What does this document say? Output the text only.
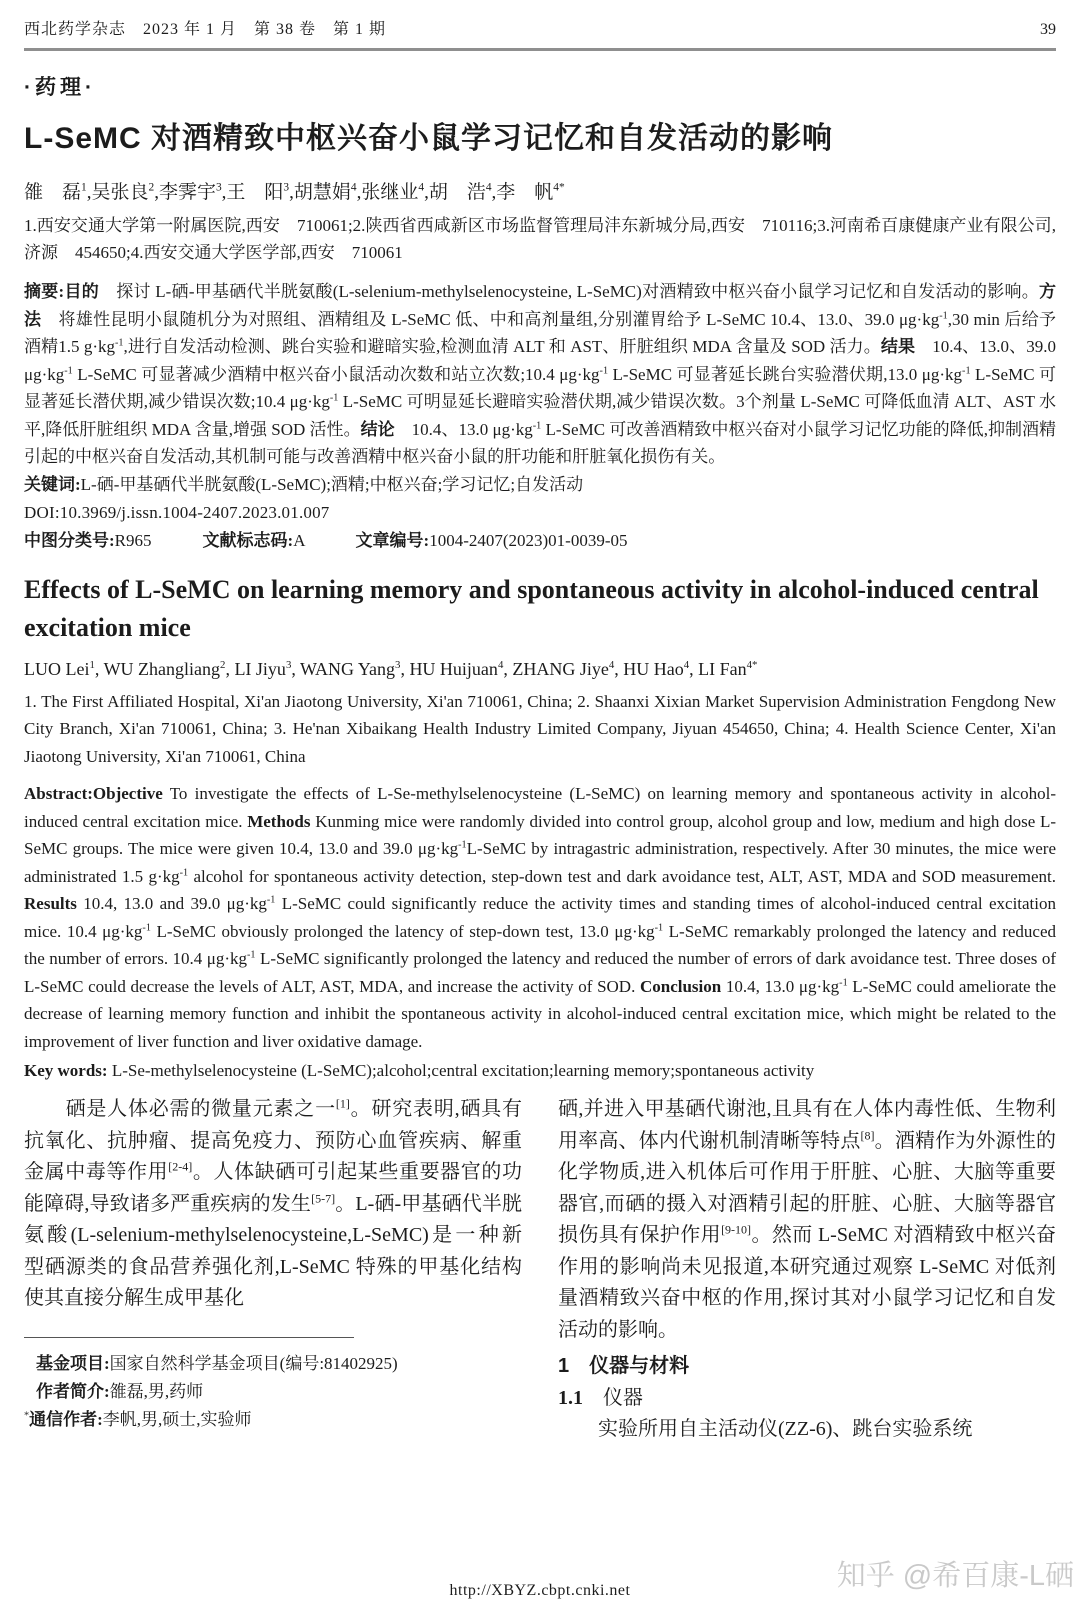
西北药学杂志　2023 年 1 月　第 38 卷　第 1 期	39
·药理·
L-SeMC 对酒精致中枢兴奋小鼠学习记忆和自发活动的影响
雒　磊$^1$,吴张良$^2$,李霁宇$^3$,王　阳$^3$,胡慧娟$^4$,张继业$^4$,胡　浩$^4$,李　帆$^{4*}$
1.西安交通大学第一附属医院,西安　710061;2.陕西省西咸新区市场监督管理局沣东新城分局,西安　710116;3.河南希百康健康产业有限公司,济源　454650;4.西安交通大学医学部,西安　710061

摘要:目的　探讨 L-硒-甲基硒代半胱氨酸(L-selenium-methylselenocysteine, L-SeMC)对酒精致中枢兴奋小鼠学习记忆和自发活动的影响。方法　将雄性昆明小鼠随机分为对照组、酒精组及 L-SeMC 低、中和高剂量组,分别灌胃给予 L-SeMC 10.4、13.0、39.0 $\mu g\cdot kg^{-1},30$ min 后给予酒精1.5 $g\cdot kg^{-1}$,进行自发活动检测、跳台实验和避暗实验,检测血清 ALT 和 AST、肝脏组织 MDA 含量及 SOD 活力。结果　10.4、13.0、39.0 $\mu g\cdot kg^{-1}$ L-SeMC 可显著减少酒精中枢兴奋小鼠活动次数和站立次数;10.4 $\mu g\cdot kg^{-1}$ L-SeMC 可显著延长跳台实验潜伏期,13.0 $\mu g\cdot kg^{-1}$ L-SeMC 可显著延长潜伏期,减少错误次数;10.4 $\mu g\cdot kg^{-1}$ L-SeMC 可明显延长避暗实验潜伏期,减少错误次数。3个剂量 L-SeMC 可降低血清 ALT、AST 水平,降低肝脏组织 MDA 含量,增强 SOD 活性。结论　10.4、13.0 $\mu g\cdot kg^{-1}$ L-SeMC 可改善酒精致中枢兴奋对小鼠学习记忆功能的降低,抑制酒精引起的中枢兴奋自发活动,其机制可能与改善酒精中枢兴奋小鼠的肝功能和肝脏氧化损伤有关。

关键词:L-硒-甲基硒代半胱氨酸(L-SeMC);酒精;中枢兴奋;学习记忆;自发活动

DOI:10.3969/j.issn.1004-2407.2023.01.007

中图分类号:R965　　　	文献标志码:A　　　	文章编号:1004-2407(2023)01-0039-05

Effects of L-SeMC on learning memory and spontaneous activity in alcohol-induced central excitation mice
LUO Lei$^1$, WU Zhangliang$^2$, LI Jiyu$^3$, WANG Yang$^3$, HU Huijuan$^4$, ZHANG Jiye$^4$, HU Hao$^4$, LI Fan$^{4*}$
1. The First Affiliated Hospital, Xi'an Jiaotong University, Xi'an 710061, China; 2. Shaanxi Xixian Market Supervision Administration Fengdong New City Branch, Xi'an 710061, China; 3. He'nan Xibaikang Health Industry Limited Company, Jiyuan 454650, China; 4. Health Science Center, Xi'an Jiaotong University, Xi'an 710061, China

Abstract:Objective To investigate the effects of L-Se-methylselenocysteine (L-SeMC) on learning memory and spontaneous activity in alcohol-induced central excitation mice. Methods Kunming mice were randomly divided into control group, alcohol group and low, medium and high dose L-SeMC groups. The mice were given 10.4, 13.0 and 39.0 $\mu g\cdot kg^{-1}L$-SeMC by intragastric administration, respectively. After 30 minutes, the mice were administrated 1.5 $g\cdot kg^{-1}$ alcohol for spontaneous activity detection, step-down test and dark avoidance test, ALT, AST, MDA and SOD measurement. Results 10.4, 13.0 and 39.0 $\mu g\cdot kg^{-1}$ L-SeMC could significantly reduce the activity times and standing times of alcohol-induced central excitation mice. 10.4 $\mu g\cdot kg^{-1}$ L-SeMC obviously prolonged the latency of step-down test, 13.0 $\mu g\cdot kg^{-1}$ L-SeMC remarkably prolonged the latency and reduced the number of errors. 10.4 $\mu g\cdot kg^{-1}$ L-SeMC significantly prolonged the latency and reduced the number of errors of dark avoidance test. Three doses of L-SeMC could decrease the levels of ALT, AST, MDA, and increase the activity of SOD. Conclusion 10.4, 13.0 $\mu g\cdot kg^{-1}$ L-SeMC could ameliorate the decrease of learning memory function and inhibit the spontaneous activity in alcohol-induced central excitation mice, which might be related to the improvement of liver function and liver oxidative damage.

Key words: L-Se-methylselenocysteine (L-SeMC);alcohol;central excitation;learning memory;spontaneous activity

　　硒是人体必需的微量元素之一[1]。研究表明,硒具有抗氧化、抗肿瘤、提高免疫力、预防心血管疾病、解重金属中毒等作用[2-4]。人体缺硒可引起某些重要器官的功能障碍,导致诸多严重疾病的发生[5-7]。L-硒-甲基硒代半胱氨酸(L-selenium-methylselenocysteine,L-SeMC)是一种新型硒源类的食品营养强化剂,L-SeMC 特殊的甲基化结构使其直接分解生成甲基化

基金项目:国家自然科学基金项目(编号:81402925)

作者简介:雒磊,男,药师

*通信作者:李帆,男,硕士,实验师

硒,并进入甲基硒代谢池,且具有在人体内毒性低、生物利用率高、体内代谢机制清晰等特点[8]。酒精作为外源性的化学物质,进入机体后可作用于肝脏、心脏、大脑等重要器官,而硒的摄入对酒精引起的肝脏、心脏、大脑等器官损伤具有保护作用[9-10]。然而 L-SeMC 对酒精致中枢兴奋作用的影响尚未见报道,本研究通过观察 L-SeMC 对低剂量酒精致兴奋中枢的作用,探讨其对小鼠学习记忆和自发活动的影响。

1　仪器与材料

1.1　仪器

　　实验所用自主活动仪(ZZ-6)、跳台实验系统

http://XBYZ.cbpt.cnki.net	知乎 @希百康-L硒
